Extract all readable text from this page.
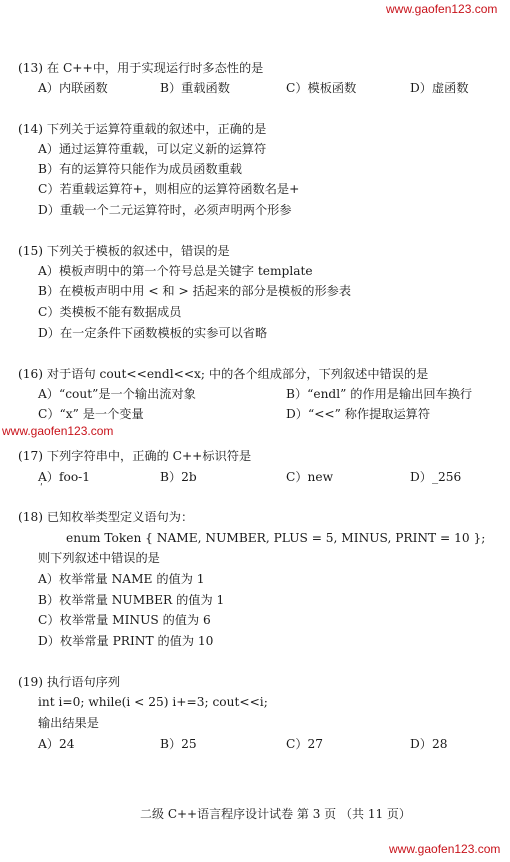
www.gaofen123.com
(13) 在 C++中，用于实现运行时多态性的是
A）内联函数	B）重载函数	C）模板函数	D）虚函数
(14) 下列关于运算符重载的叙述中，正确的是
A）通过运算符重载，可以定义新的运算符
B）有的运算符只能作为成员函数重载
C）若重载运算符+，则相应的运算符函数名是+
D）重载一个二元运算符时，必须声明两个形参
(15) 下列关于模板的叙述中，错误的是
A）模板声明中的第一个符号总是关键字 template
B）在模板声明中用 < 和 > 括起来的部分是模板的形参表
C）类模板不能有数据成员
D）在一定条件下函数模板的实参可以省略
(16) 对于语句 cout<<endl<<x; 中的各个组成部分，下列叙述中错误的是
A）“cout”是一个输出流对象	B）“endl” 的作用是输出回车换行
C）“x” 是一个变量	D）“<<” 称作提取运算符
www.gaofen123.com
(17) 下列字符串中，正确的 C++标识符是
A）foo-1	B）2b	C）new	D）_256
ʹ
(18) 已知枚举类型定义语句为：
enum Token { NAME, NUMBER, PLUS = 5, MINUS, PRINT = 10 };
则下列叙述中错误的是
A）枚举常量 NAME 的值为 1
B）枚举常量 NUMBER 的值为 1
C）枚举常量 MINUS 的值为 6
D）枚举常量 PRINT 的值为 10
(19) 执行语句序列
int i=0; while(i < 25) i+=3; cout<<i;
输出结果是
A）24	B）25	C）27	D）28
二级 C++语言程序设计试卷 第 3 页 （共 11 页）
www.gaofen123.com
